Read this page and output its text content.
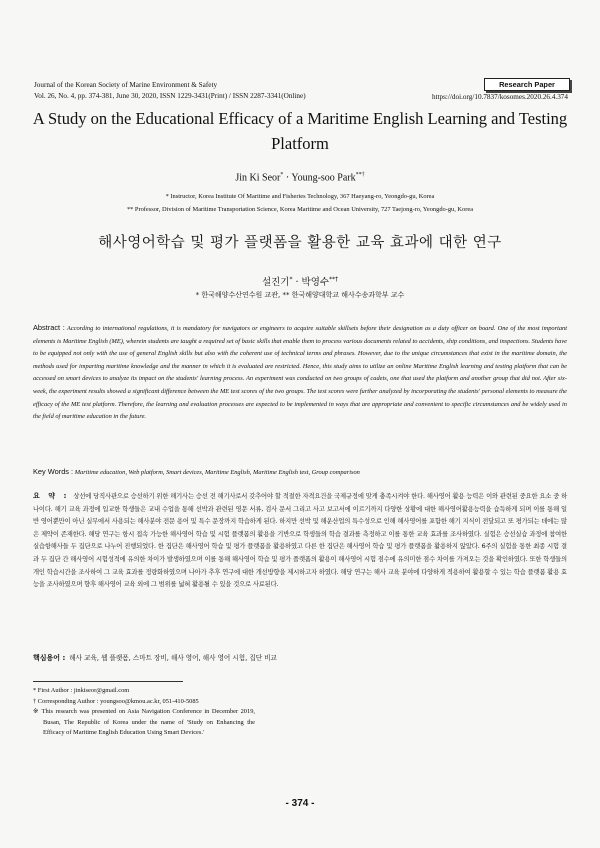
Journal of the Korean Society of Marine Environment & Safety
Vol. 26, No. 4, pp. 374-381, June 30, 2020, ISSN 1229-3431(Print) / ISSN 2287-3341(Online)
Research Paper
https://doi.org/10.7837/kosomes.2020.26.4.374
A Study on the Educational Efficacy of a Maritime English Learning and Testing Platform
Jin Ki Seor* · Young-soo Park**†
* Instructor, Korea Institute Of Maritime and Fisheries Technology, 367 Haeyang-ro, Yeongdo-gu, Korea
** Professor, Division of Maritime Transportation Science, Korea Maritime and Ocean University, 727 Taejong-ro, Yeongdo-gu, Korea
해사영어학습 및 평가 플랫폼을 활용한 교육 효과에 대한 연구
설진기* · 박영수**†
* 한국해양수산연수원 교관, ** 한국해양대학교 해사수송과학부 교수
Abstract : According to international regulations, it is mandatory for navigators or engineers to acquire suitable skillsets before their designation as a duty officer on board. One of the most important elements is Maritime English (ME), wherein students are taught a required set of basic skills that enable them to process various documents related to accidents, ship conditions, and inspections. Students have to be equipped not only with the use of general English skills but also with the coherent use of technical terms and phrases. However, due to the unique circumstances that exist in the maritime domain, the methods used for imparting maritime knowledge and the manner in which it is evaluated are restricted. Hence, this study aims to utilize an online Maritime English learning and testing platform that can be accessed on smart devices to analyze its impact on the students' learning process. An experiment was conducted on two groups of cadets, one that used the platform and another group that did not. After six-week, the experiment results showed a significant difference between the ME test scores of the two groups. The test scores were further analyzed by incorporating the students' personal elements to measure the efficacy of the ME test platform. Therefore, the learning and evaluation processes are expected to be implemented in ways that are appropriate and convenient to specific circumstances and be widely used in the field of maritime education in the future.
Key Words : Maritime education, Web platform, Smart devices, Maritime English, Maritime English test, Group comparison
요 약 : 상선에 당직사관으로 승선하기 위한 해기사는 승선 전 해기사로서 갖추어야 할 적절한 자격요건을 국제규정에 맞게 충족시켜야 한다. 해사영어 활용 능력은 이와 관련된 중요한 요소 중 하나이다. 해기 교육 과정에 입교한 학생들은 교내 수업을 통해 선박과 관련된 영문 서류, 검사 문서 그리고 사고 보고서에 이르기까지 다양한 상황에 대한 해사영어활용능력을 습득하게 되며 이를 통해 일반 영어뿐만이 아닌 실무에서 사용되는 해사분야 전문 용어 및 특수 문장까지 학습하게 된다. 하지만 선박 및 해운산업의 특수성으로 인해 해사영어를 포함한 해기 지식이 전달되고 또 평가되는 데에는 많은 제약이 존재한다. 해당 연구는 항시 접속 가능한 해사영어 학습 및 시험 플랫폼의 활용을 기반으로 학생들의 학습 결과를 측정하고 이를 통한 교육 효과를 조사하였다. 실험은 승선실습 과정에 참여한 실습항해사들 두 집단으로 나누어 진행되었다. 한 집단은 해사영어 학습 및 평가 플랫폼을 활용하였고 다른 한 집단은 해사영어 학습 및 평가 플랫폼을 활용하지 않았다. 6주의 실험을 통한 최종 시험 결과 두 집단 간 해사영어 시험성적에 유의한 차이가 발생하였으며 이를 통해 해사영어 학습 및 평가 플랫폼의 활용이 해사영어 시험 점수에 유의미한 점수 차이를 가져오는 것을 확인하였다. 또한 학생들의 개인 학습시간을 조사하여 그 교육 효과를 정량화하였으며 나아가 추후 연구에 대한 개선방향을 제시하고자 하였다. 해당 연구는 해사 교육 분야에 다양하게 적용하여 활용할 수 있는 학습 플랫폼 활용 효능을 조사하였으며 향후 해사영어 교육 외에 그 범위를 넓혀 활용될 수 있을 것으로 사료된다.
핵심용어 : 해사 교육, 웹 플랫폼, 스마트 장비, 해사 영어, 해사 영어 시험, 집단 비교
* First Author : jinkiseor@gmail.com
† Corresponding Author : youngsoo@kmou.ac.kr, 051-410-5085
※ This research was presented on Asia Navigation Conference in December 2019, Busan, The Republic of Korea under the name of 'Study on Enhancing the Efficacy of Maritime English Education Using Smart Devices.'
- 374 -
